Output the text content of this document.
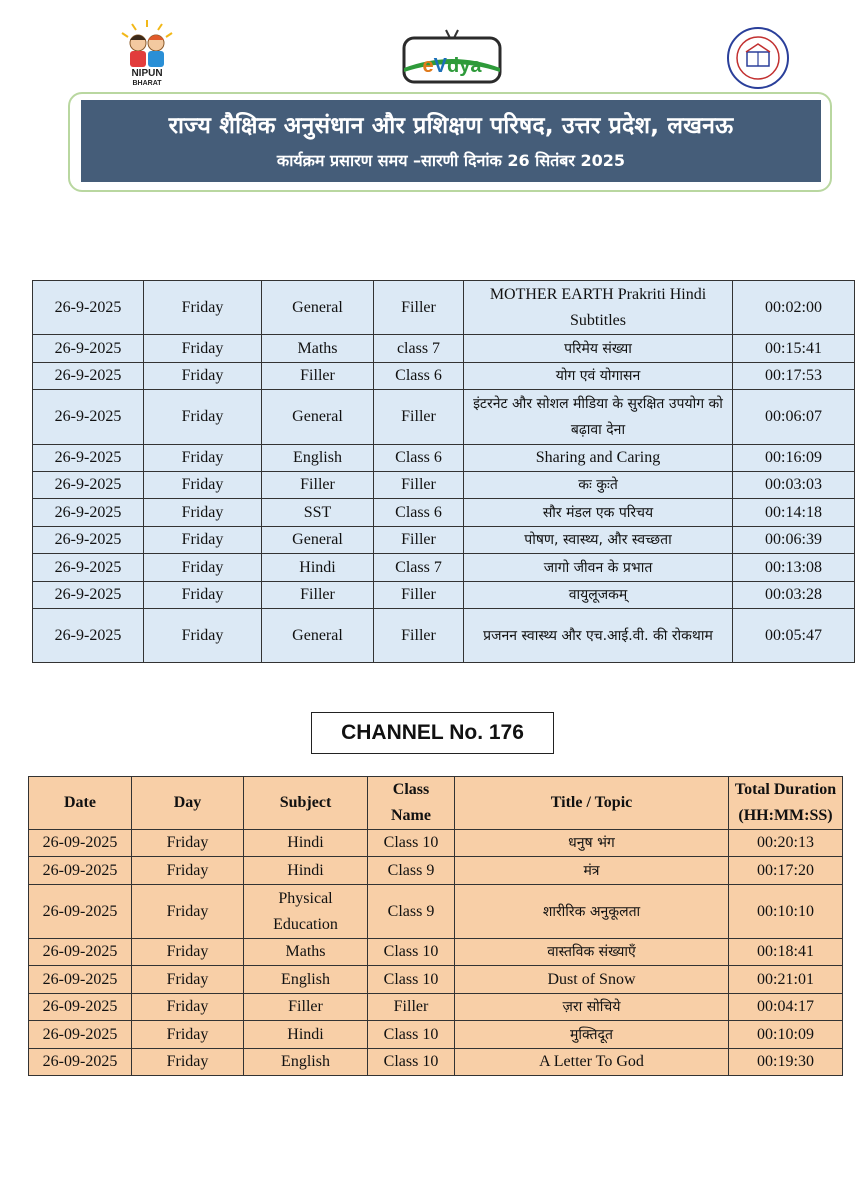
NIPUN
BHARAT
eVdya
राज्य शैक्षिक अनुसंधान और प्रशिक्षण परिषद, उत्तर प्रदेश, लखनऊ
कार्यक्रम प्रसारण समय –सारणी दिनांक 26 सितंबर 2025
26-9-2025	Friday	General	Filler	MOTHER EARTH Prakriti Hindi Subtitles	00:02:00
26-9-2025	Friday	Maths	class 7	परिमेय संख्या	00:15:41
26-9-2025	Friday	Filler	Class 6	योग एवं योगासन	00:17:53
26-9-2025	Friday	General	Filler	इंटरनेट और सोशल मीडिया के सुरक्षित उपयोग को बढ़ावा देना	00:06:07
26-9-2025	Friday	English	Class 6	Sharing and Caring	00:16:09
26-9-2025	Friday	Filler	Filler	कः कुःते	00:03:03
26-9-2025	Friday	SST	Class 6	सौर मंडल एक परिचय	00:14:18
26-9-2025	Friday	General	Filler	पोषण, स्वास्थ्य, और स्वच्छता	00:06:39
26-9-2025	Friday	Hindi	Class 7	जागो जीवन के प्रभात	00:13:08
26-9-2025	Friday	Filler	Filler	वायुलूजकम्	00:03:28
26-9-2025	Friday	General	Filler	प्रजनन स्वास्थ्य और एच.आई.वी. की रोकथाम	00:05:47
CHANNEL No. 176
Date	Day	Subject	Class Name	Title / Topic	Total Duration (HH:MM:SS)
26-09-2025	Friday	Hindi	Class 10	धनुष भंग	00:20:13
26-09-2025	Friday	Hindi	Class 9	मंत्र	00:17:20
26-09-2025	Friday	Physical Education	Class 9	शारीरिक अनुकूलता	00:10:10
26-09-2025	Friday	Maths	Class 10	वास्तविक संख्याएँ	00:18:41
26-09-2025	Friday	English	Class 10	Dust of Snow	00:21:01
26-09-2025	Friday	Filler	Filler	ज़रा सोचिये	00:04:17
26-09-2025	Friday	Hindi	Class 10	मुक्तिदूत	00:10:09
26-09-2025	Friday	English	Class 10	A Letter To God	00:19:30
